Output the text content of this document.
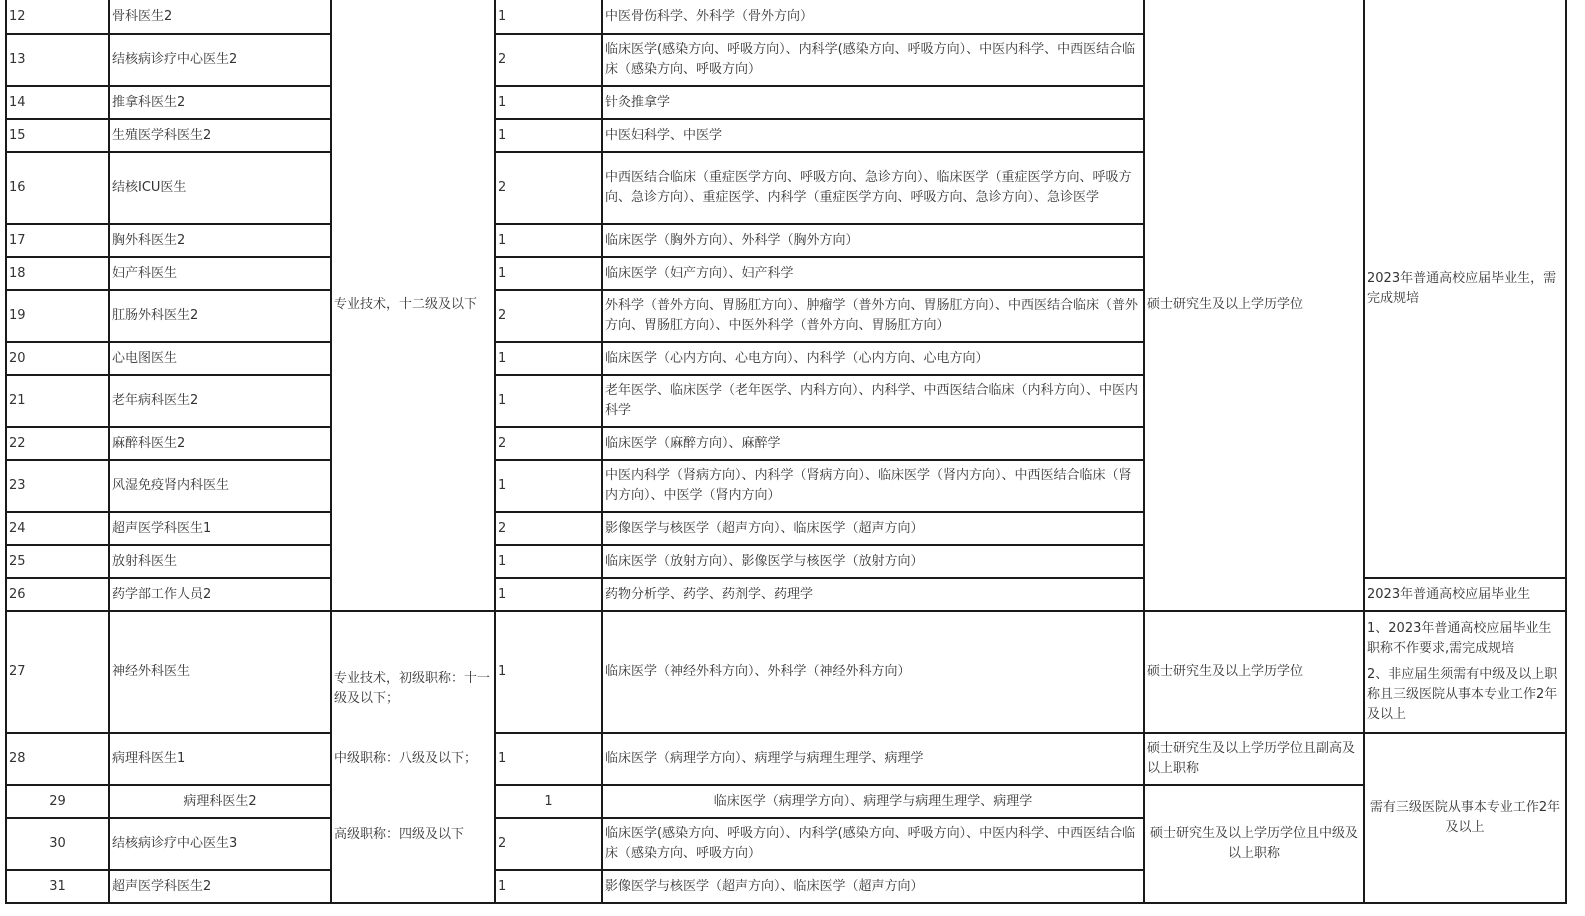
12	骨科医生2	专业技术，十二级及以下	1	中医骨伤科学、外科学（骨外方向）	硕士研究生及以上学历学位	2023年普通高校应届毕业生，需完成规培
13	结核病诊疗中心医生2		2	临床医学(感染方向、呼吸方向）、内科学(感染方向、呼吸方向）、中医内科学、中西医结合临床（感染方向、呼吸方向）		
14	推拿科医生2		1	针灸推拿学		
15	生殖医学科医生2		1	中医妇科学、中医学		
16	结核ICU医生		2	中西医结合临床（重症医学方向、呼吸方向、急诊方向）、临床医学（重症医学方向、呼吸方向、急诊方向）、重症医学、内科学（重症医学方向、呼吸方向、急诊方向）、急诊医学		
17	胸外科医生2		1	临床医学（胸外方向）、外科学（胸外方向）		
18	妇产科医生		1	临床医学（妇产方向）、妇产科学		
19	肛肠外科医生2		2	外科学（普外方向、胃肠肛方向）、肿瘤学（普外方向、胃肠肛方向）、中西医结合临床（普外方向、胃肠肛方向）、中医外科学（普外方向、胃肠肛方向）		
20	心电图医生		1	临床医学（心内方向、心电方向）、内科学（心内方向、心电方向）		
21	老年病科医生2		1	老年医学、临床医学（老年医学、内科方向）、内科学、中西医结合临床（内科方向）、中医内科学		
22	麻醉科医生2		2	临床医学（麻醉方向）、麻醉学		
23	风湿免疫肾内科医生		1	中医内科学（肾病方向）、内科学（肾病方向）、临床医学（肾内方向）、中西医结合临床（肾内方向）、中医学（肾内方向）		
24	超声医学科医生1		2	影像医学与核医学（超声方向）、临床医学（超声方向）		
25	放射科医生		1	临床医学（放射方向）、影像医学与核医学（放射方向）		
26	药学部工作人员2		1	药物分析学、药学、药剂学、药理学		2023年普通高校应届毕业生
27	神经外科医生	专业技术，初级职称：十一级及以下；
中级职称：八级及以下；
高级职称：四级及以下	1	临床医学（神经外科方向）、外科学（神经外科方向）	硕士研究生及以上学历学位	1、2023年普通高校应届毕业生职称不作要求,需完成规培
2、非应届生须需有中级及以上职称且三级医院从事本专业工作2年及以上

28	病理科医生1		1	临床医学（病理学方向）、病理学与病理生理学、病理学	硕士研究生及以上学历学位且副高及以上职称	需有三级医院从事本专业工作2年及以上
29	病理科医生2		1	临床医学（病理学方向）、病理学与病理生理学、病理学	硕士研究生及以上学历学位且中级及以上职称	
30	结核病诊疗中心医生3		2	临床医学(感染方向、呼吸方向）、内科学(感染方向、呼吸方向）、中医内科学、中西医结合临床（感染方向、呼吸方向）		
31	超声医学科医生2		1	影像医学与核医学（超声方向）、临床医学（超声方向）		
